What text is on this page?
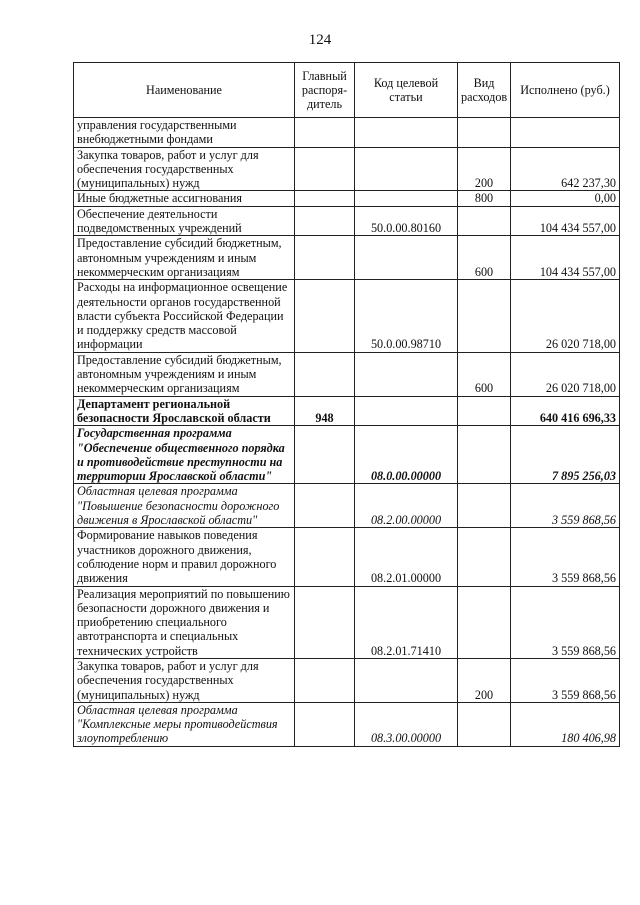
124
Наименование	Главный распоря- дитель	Код целевой статьи	Вид расходов	Исполнено (руб.)
управления государственными внебюджетными фондами				
Закупка товаров, работ и услуг для обеспечения государственных (муниципальных) нужд			200	642 237,30
Иные бюджетные ассигнования			800	0,00
Обеспечение деятельности подведомственных учреждений		50.0.00.80160		104 434 557,00
Предоставление субсидий бюджетным, автономным учреждениям и иным некоммерческим организациям			600	104 434 557,00
Расходы на информационное освещение деятельности органов государственной власти субъекта Российской Федерации и поддержку средств массовой информации		50.0.00.98710		26 020 718,00
Предоставление субсидий бюджетным, автономным учреждениям и иным некоммерческим организациям			600	26 020 718,00
Департамент региональной безопасности Ярославской области	948			640 416 696,33
Государственная программа "Обеспечение общественного порядка и противодействие преступности на территории Ярославской области"		08.0.00.00000		7 895 256,03
Областная целевая программа "Повышение безопасности дорожного движения в Ярославской области"		08.2.00.00000		3 559 868,56
Формирование навыков поведения участников дорожного движения, соблюдение норм и правил дорожного движения		08.2.01.00000		3 559 868,56
Реализация мероприятий по повышению безопасности дорожного движения и приобретению специального автотранспорта и специальных технических устройств		08.2.01.71410		3 559 868,56
Закупка товаров, работ и услуг для обеспечения государственных (муниципальных) нужд			200	3 559 868,56
Областная целевая программа "Комплексные меры противодействия злоупотреблению		08.3.00.00000		180 406,98
